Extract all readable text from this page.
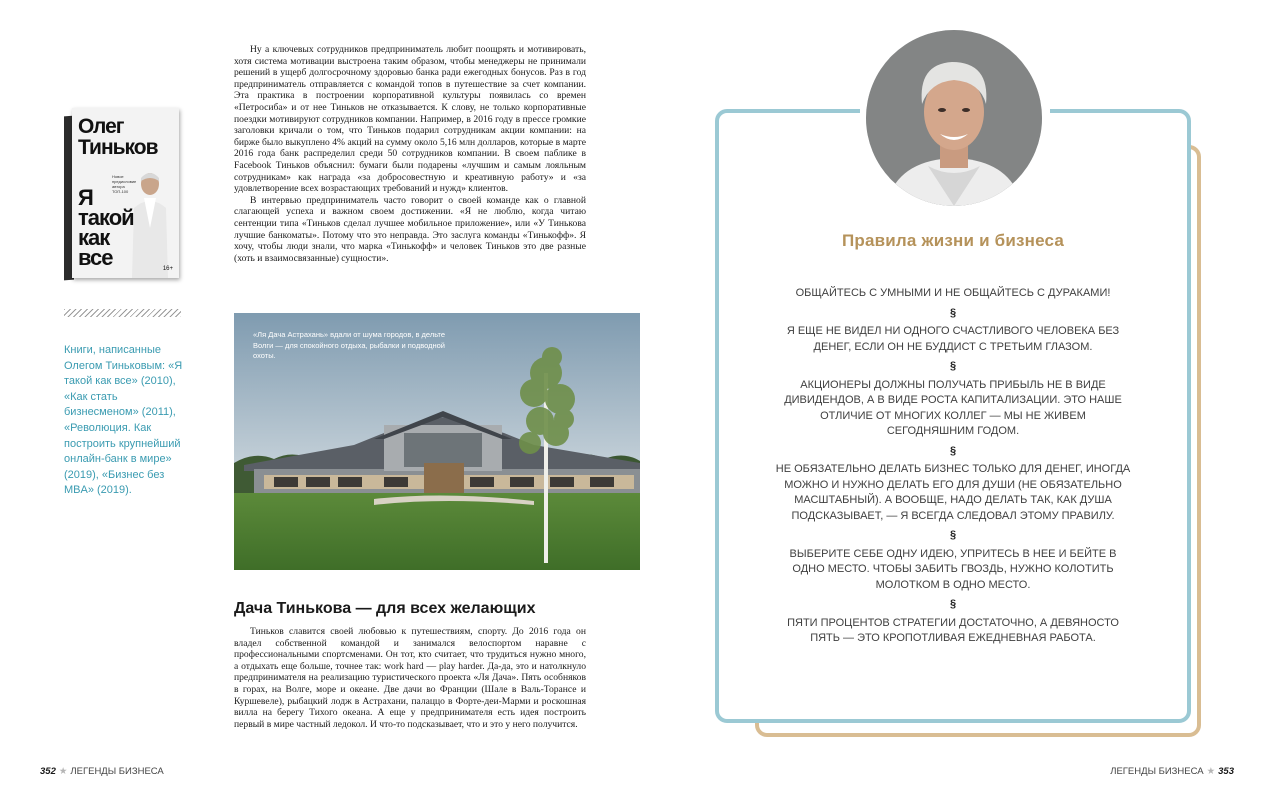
Олег Тиньков
Новое предисловие автора
ТОП-100
Я такой как все	16+
Книги, написанные Олегом Тиньковым: «Я такой как все» (2010), «Как стать бизнесменом» (2011), «Революция. Как построить крупнейший онлайн-банк в мире» (2019), «Бизнес без MBA» (2019).

Ну а ключевых сотрудников предприниматель любит поощрять и мотивировать, хотя система мотивации выстроена таким образом, чтобы менеджеры не принимали решений в ущерб долгосрочному здоровью банка ради ежегодных бонусов. Раз в год предприниматель отправляется с командой топов в путешествие за счет компании. Эта практика в построении корпоративной культуры появилась со времен «Петросиба» и от нее Тиньков не отказывается. К слову, не только корпоративные поездки мотивируют сотрудников компании. Например, в 2016 году в прессе громкие заголовки кричали о том, что Тиньков подарил сотрудникам акции компании: на бирже было выкуплено 4% акций на сумму около 5,16 млн долларов, которые в марте 2016 года банк распределил среди 50 сотрудников компании. В своем паблике в Facebook Тиньков объяснил: бумаги были подарены «лучшим и самым лояльным сотрудникам» как награда «за добросовестную и креативную работу» и «за удовлетворение всех возрастающих требований и нужд» клиентов.

В интервью предприниматель часто говорит о своей команде как о главной слагающей успеха и важном своем достижении. «Я не люблю, когда читаю сентенции типа «Тиньков сделал лучшее мобильное приложение», или «У Тинькова лучшие банкоматы». Потому что это неправда. Это заслуга команды «Тинькофф». Я хочу, чтобы люди знали, что марка «Тинькофф» и человек Тиньков это две разные (хоть и взаимосвязанные) сущности».

«Ля Дача Астрахань» вдали от шума городов, в дельте Волги — для спокойного отдыха, рыбалки и подводной охоты.
Дача Тинькова — для всех желающих

Тиньков славится своей любовью к путешествиям, спорту. До 2016 года он владел собственной командой и занимался велоспортом наравне с профессиональными спортсменами. Он тот, кто считает, что трудиться нужно много, а отдыхать еще больше, точнее так: work hard — play harder. Да-да, это и натолкнуло предпринимателя на реализацию туристического проекта «Ля Дача». Пять особняков в горах, на Волге, море и океане. Две дачи во Франции (Шале в Валь-Торансе и Куршевеле), рыбацкий лодж в Астрахани, палаццо в Форте-деи-Марми и роскошная вилла на берегу Тихого океана. А еще у предпринимателя есть идея построить первый в мире частный ледокол. И что-то подсказывает, что и это у него получится.

352 ★ ЛЕГЕНДЫ БИЗНЕСА	ЛЕГЕНДЫ БИЗНЕСА ★ 353
Правила жизни и бизнеса
ОБЩАЙТЕСЬ С УМНЫМИ И НЕ ОБЩАЙТЕСЬ С ДУРАКАМИ!
§
Я ЕЩЕ НЕ ВИДЕЛ НИ ОДНОГО СЧАСТЛИВОГО ЧЕЛОВЕКА БЕЗ ДЕНЕГ, ЕСЛИ ОН НЕ БУДДИСТ С ТРЕТЬИМ ГЛАЗОМ.
§
АКЦИОНЕРЫ ДОЛЖНЫ ПОЛУЧАТЬ ПРИБЫЛЬ НЕ В ВИДЕ ДИВИДЕНДОВ, А В ВИДЕ РОСТА КАПИТАЛИЗАЦИИ. ЭТО НАШЕ ОТЛИЧИЕ ОТ МНОГИХ КОЛЛЕГ — МЫ НЕ ЖИВЕМ СЕГОДНЯШНИМ ГОДОМ.
§
НЕ ОБЯЗАТЕЛЬНО ДЕЛАТЬ БИЗНЕС ТОЛЬКО ДЛЯ ДЕНЕГ, ИНОГДА МОЖНО И НУЖНО ДЕЛАТЬ ЕГО ДЛЯ ДУШИ (НЕ ОБЯЗАТЕЛЬНО МАСШТАБНЫЙ). А ВООБЩЕ, НАДО ДЕЛАТЬ ТАК, КАК ДУША ПОДСКАЗЫВАЕТ, — Я ВСЕГДА СЛЕДОВАЛ ЭТОМУ ПРАВИЛУ.
§
ВЫБЕРИТЕ СЕБЕ ОДНУ ИДЕЮ, УПРИТЕСЬ В НЕЕ И БЕЙТЕ В ОДНО МЕСТО. ЧТОБЫ ЗАБИТЬ ГВОЗДЬ, НУЖНО КОЛОТИТЬ МОЛОТКОМ В ОДНО МЕСТО.
§
ПЯТИ ПРОЦЕНТОВ СТРАТЕГИИ ДОСТАТОЧНО, А ДЕВЯНОСТО ПЯТЬ — ЭТО КРОПОТЛИВАЯ ЕЖЕДНЕВНАЯ РАБОТА.
